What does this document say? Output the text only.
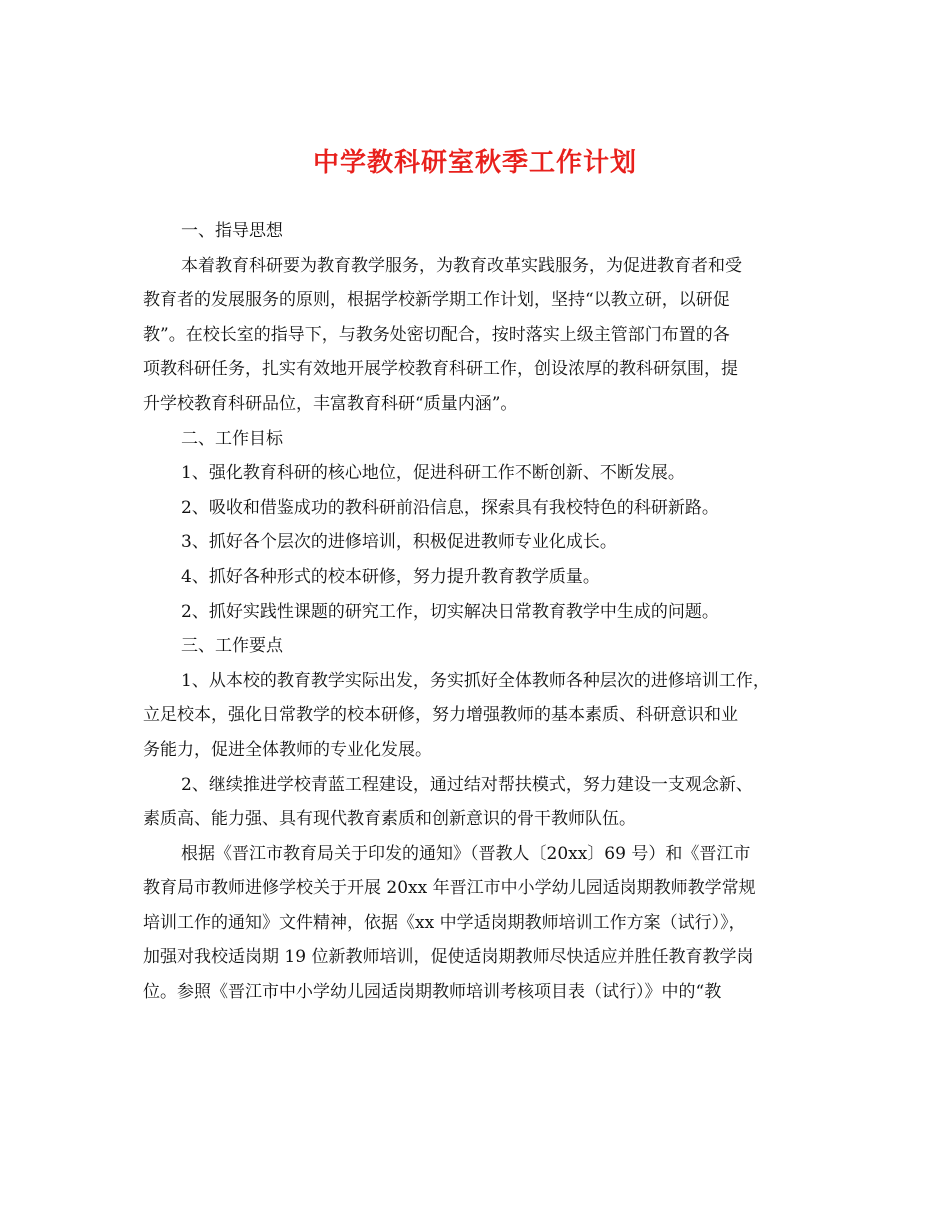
中学教科研室秋季工作计划
一、指导思想
本着教育科研要为教育教学服务，为教育改革实践服务，为促进教育者和受
教育者的发展服务的原则，根据学校新学期工作计划，坚持“以教立研，以研促
教”。在校长室的指导下，与教务处密切配合，按时落实上级主管部门布置的各
项教科研任务，扎实有效地开展学校教育科研工作，创设浓厚的教科研氛围，提
升学校教育科研品位，丰富教育科研“质量内涵”。
二、工作目标
1、强化教育科研的核心地位，促进科研工作不断创新、不断发展。
2、吸收和借鉴成功的教科研前沿信息，探索具有我校特色的科研新路。
3、抓好各个层次的进修培训，积极促进教师专业化成长。
4、抓好各种形式的校本研修，努力提升教育教学质量。
2、抓好实践性课题的研究工作，切实解决日常教育教学中生成的问题。
三、工作要点
1、从本校的教育教学实际出发，务实抓好全体教师各种层次的进修培训工作，
立足校本，强化日常教学的校本研修，努力增强教师的基本素质、科研意识和业
务能力，促进全体教师的专业化发展。
2、继续推进学校青蓝工程建设，通过结对帮扶模式，努力建设一支观念新、
素质高、能力强、具有现代教育素质和创新意识的骨干教师队伍。
根据《晋江市教育局关于印发的通知》（晋教人〔20xx〕69 号）和《晋江市
教育局市教师进修学校关于开展 20xx 年晋江市中小学幼儿园适岗期教师教学常规
培训工作的通知》文件精神，依据《xx 中学适岗期教师培训工作方案（试行）》，
加强对我校适岗期 19 位新教师培训，促使适岗期教师尽快适应并胜任教育教学岗
位。参照《晋江市中小学幼儿园适岗期教师培训考核项目表（试行）》中的“教
